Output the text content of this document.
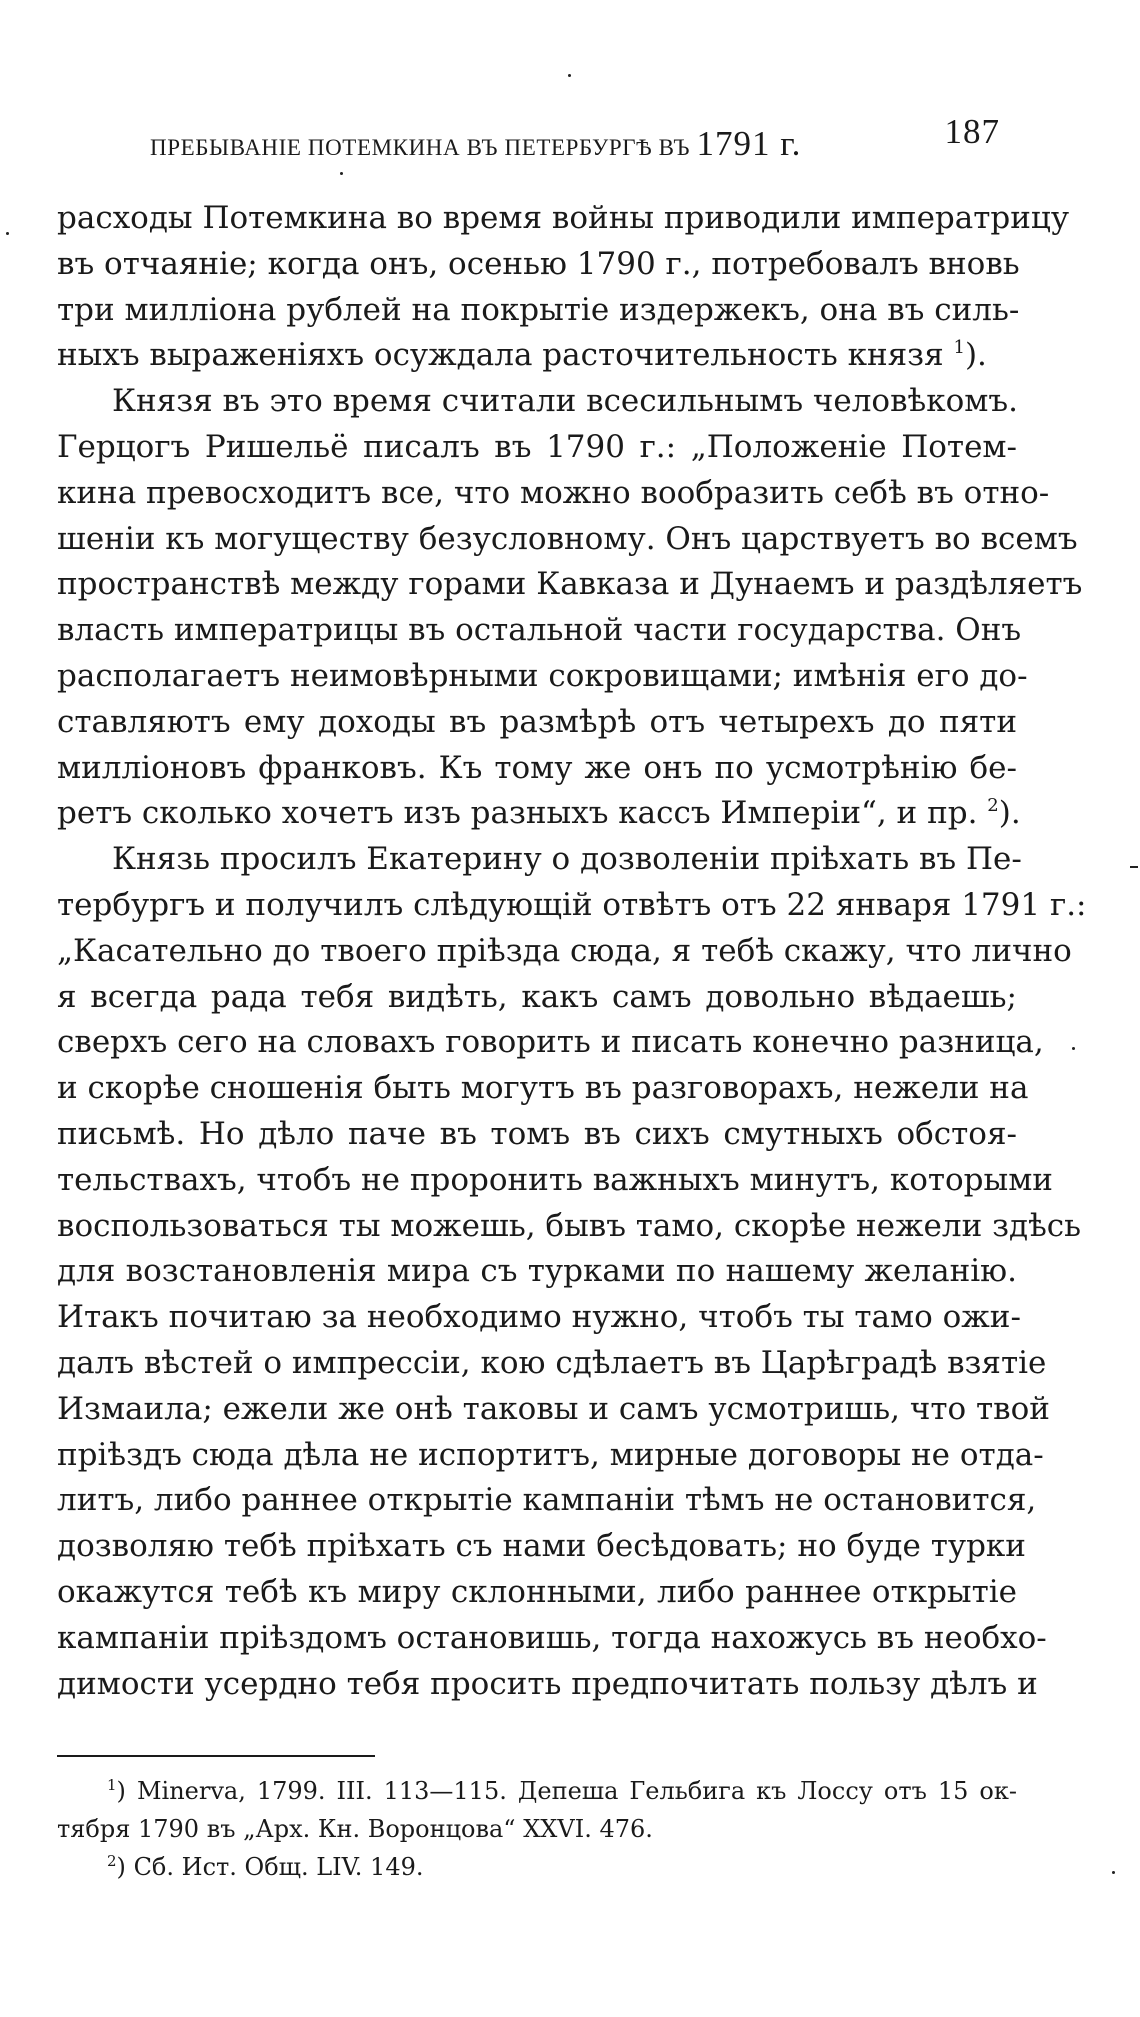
ПРЕБЫВАНІЕ ПОТЕМКИНА ВЪ ПЕТЕРБУРГѢ ВЪ 1791 г.	187
расходы Потемкина во время войны приводили императрицу
въ отчаяніе; когда онъ, осенью 1790 г., потребовалъ вновь
три милліона рублей на покрытіе издержекъ, она въ силь-
ныхъ выраженіяхъ осуждала расточительность князя $^1$).
Князя въ это время считали всесильнымъ человѣкомъ.
Герцогъ Ришельё писалъ въ 1790 г.: „Положеніе Потем-
кина превосходитъ все, что можно вообразить себѣ въ отно-
шеніи къ могуществу безусловному. Онъ царствуетъ во всемъ
пространствѣ между горами Кавказа и Дунаемъ и раздѣляетъ
власть императрицы въ остальной части государства. Онъ
располагаетъ неимовѣрными сокровищами; имѣнія его до-
ставляютъ ему доходы въ размѣрѣ отъ четырехъ до пяти
милліоновъ франковъ. Къ тому же онъ по усмотрѣнію бе-
ретъ сколько хочетъ изъ разныхъ кассъ Имперіи“, и пр. $^2$).
Князь просилъ Екатерину о дозволеніи пріѣхать въ Пе-
тербургъ и получилъ слѣдующій отвѣтъ отъ 22 января 1791 г.:
„Касательно до твоего пріѣзда сюда, я тебѣ скажу, что лично
я всегда рада тебя видѣть, какъ самъ довольно вѣдаешь;
сверхъ сего на словахъ говорить и писать конечно разница,
и скорѣе сношенія быть могутъ въ разговорахъ, нежели на
письмѣ. Но дѣло паче въ томъ въ сихъ смутныхъ обстоя-
тельствахъ, чтобъ не проронить важныхъ минутъ, которыми
воспользоваться ты можешь, бывъ тамо, скорѣе нежели здѣсь
для возстановленія мира съ турками по нашему желанію.
Итакъ почитаю за необходимо нужно, чтобъ ты тамо ожи-
далъ вѣстей о импрессіи, кою сдѣлаетъ въ Царѣградѣ взятіе
Измаила; ежели же онѣ таковы и самъ усмотришь, что твой
пріѣздъ сюда дѣла не испортитъ, мирные договоры не отда-
литъ, либо раннее открытіе кампаніи тѣмъ не остановится,
дозволяю тебѣ пріѣхать съ нами бесѣдовать; но буде турки
окажутся тебѣ къ миру склонными, либо раннее открытіе
кампаніи пріѣздомъ остановишь, тогда нахожусь въ необхо-
димости усердно тебя просить предпочитать пользу дѣлъ и
$^1$) Minerva, 1799. III. 113—115. Депеша Гельбига къ Лоссу отъ 15 ок-
тября 1790 въ „Арх. Кн. Воронцова“ XXVI. 476.
$^2$) Сб. Ист. Общ. LIV. 149.
